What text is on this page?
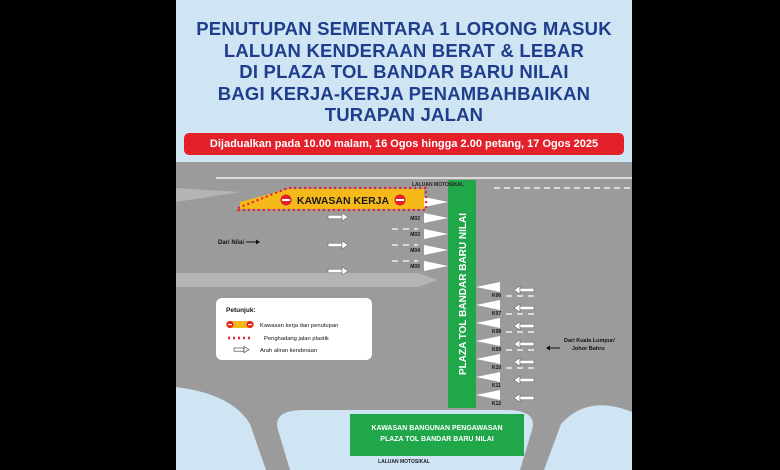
PENUTUPAN SEMENTARA 1 LORONG MASUK
LALUAN KENDERAAN BERAT & LEBAR
DI PLAZA TOL BANDAR BARU NILAI
BAGI KERJA-KERJA PENAMBAHBAIKAN
TURAPAN JALAN
Dijadualkan pada 10.00 malam, 16 Ogos hingga 2.00 petang, 17 Ogos 2025
PLAZA TOL BANDAR BARU NILAI
M02
M03
M04
M05
K06
K07
K08
K09
K10
K11
K12
KAWASAN KERJA
LALUAN MOTOSIKAL
LALUAN MOTOSIKAL
Dari Nilai
Dari Kuala Lumpur/
Johor Bahru
Petunjuk:
Kawasan kerja dan penutupan
Penghadang jalan plastik
Arah aliran kenderaan
KAWASAN BANGUNAN PENGAWASAN
PLAZA TOL BANDAR BARU NILAI
